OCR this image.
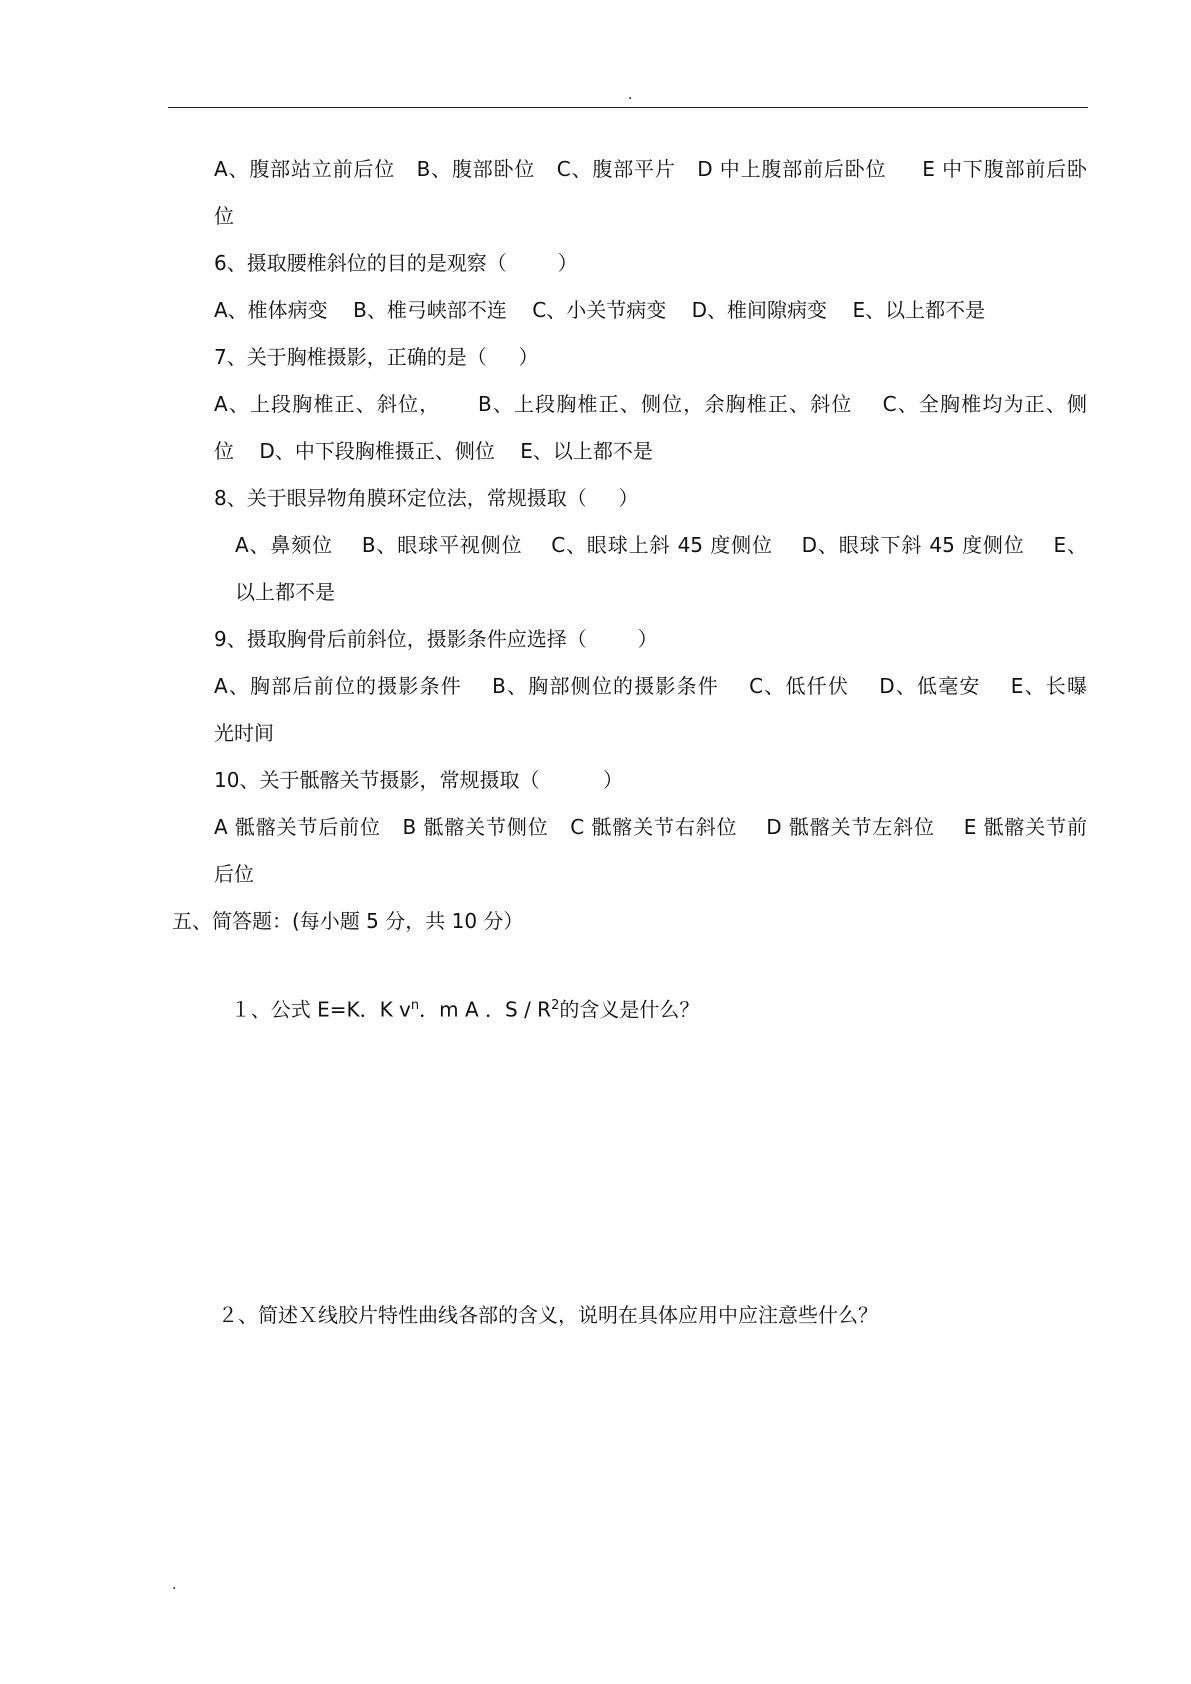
.

A、腹部站立前后位   B、腹部卧位   C、腹部平片   D 中上腹部前后卧位     E 中下腹部前后卧

位

6、摄取腰椎斜位的目的是观察（        ）

A、椎体病变    B、椎弓峡部不连    C、小关节病变    D、椎间隙病变    E、以上都不是

7、关于胸椎摄影，正确的是（     ）

A、上段胸椎正、斜位，     B、上段胸椎正、侧位，余胸椎正、斜位    C、全胸椎均为正、侧

位    D、中下段胸椎摄正、侧位    E、以上都不是

8、关于眼异物角膜环定位法，常规摄取（     ）

A、鼻颏位    B、眼球平视侧位    C、眼球上斜 45 度侧位    D、眼球下斜 45 度侧位    E、

以上都不是

9、摄取胸骨后前斜位，摄影条件应选择（        ）

A、胸部后前位的摄影条件    B、胸部侧位的摄影条件    C、低仟伏    D、低毫安    E、长曝

光时间

10、关于骶髂关节摄影，常规摄取（          ）

A 骶髂关节后前位   B 骶髂关节侧位   C 骶髂关节右斜位    D 骶髂关节左斜位    E 骶髂关节前

后位

五、简答题：(每小题 5 分，共 10 分）

１、公式 E=K．K $v^n$．m A ．S / $R^2$的含义是什么？

２、简述Ｘ线胶片特性曲线各部的含义，说明在具体应用中应注意些什么？

.
